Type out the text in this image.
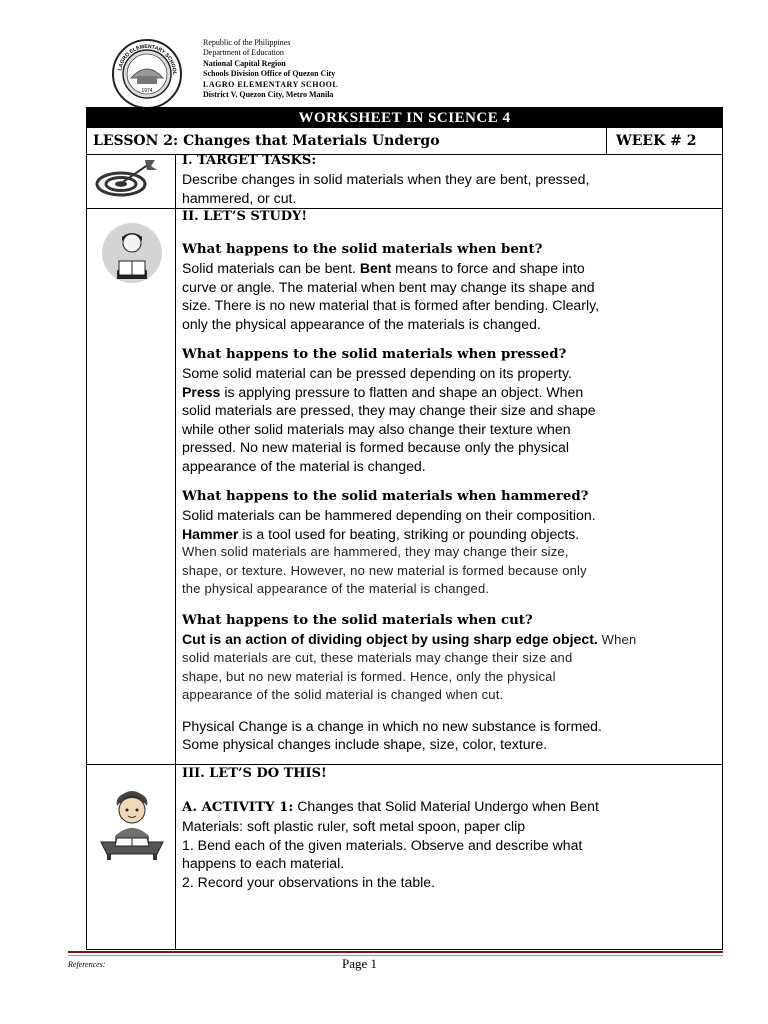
1974
LAGRO ELEMENTARY SCHOOL
Republic of the Philippines
Department of Education
National Capital Region
Schools Division Office of Quezon City
LAGRO ELEMENTARY SCHOOL
District V, Quezon City, Metro Manila
WORKSHEET IN SCIENCE 4
LESSON 2: Changes that Materials Undergo	WEEK # 2
I. TARGET TASKS:
Describe changes in solid materials when they are bent, pressed,
hammered, or cut.
II. LET’S STUDY!
What happens to the solid materials when bent?
Solid materials can be bent. Bent means to force and shape into
curve or angle. The material when bent may change its shape and
size. There is no new material that is formed after bending. Clearly,
only the physical appearance of the materials is changed.
What happens to the solid materials when pressed?
Some solid material can be pressed depending on its property.
Press is applying pressure to flatten and shape an object. When
solid materials are pressed, they may change their size and shape
while other solid materials may also change their texture when
pressed. No new material is formed because only the physical
appearance of the material is changed.
What happens to the solid materials when hammered?
Solid materials can be hammered depending on their composition.
Hammer is a tool used for beating, striking or pounding objects.
When solid materials are hammered, they may change their size,
shape, or texture. However, no new material is formed because only
the physical appearance of the material is changed.
What happens to the solid materials when cut?
Cut is an action of dividing object by using sharp edge object. When
solid materials are cut, these materials may change their size and
shape, but no new material is formed. Hence, only the physical
appearance of the solid material is changed when cut.
Physical Change is a change in which no new substance is formed.
Some physical changes include shape, size, color, texture.
III. LET’S DO THIS!
A. ACTIVITY 1: Changes that Solid Material Undergo when Bent
Materials: soft plastic ruler, soft metal spoon, paper clip
1. Bend each of the given materials. Observe and describe what
happens to each material.
2. Record your observations in the table.
References:	Page 1
